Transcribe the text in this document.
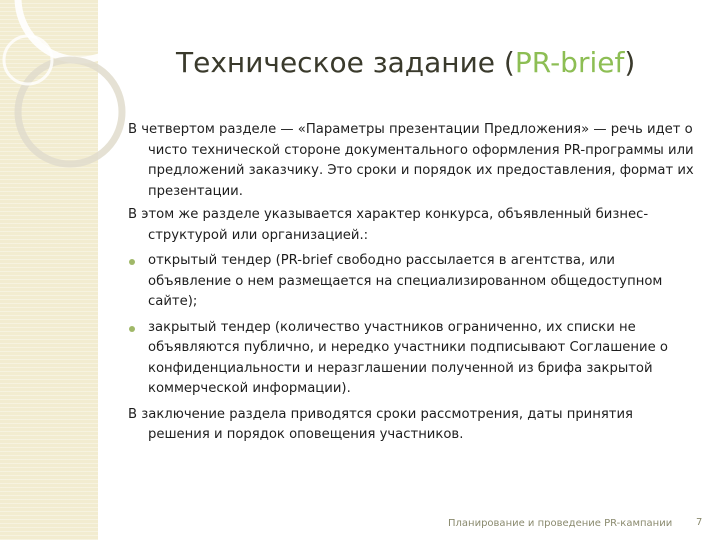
Техническое задание (PR-brief)

В четвертом разделе — «Параметры презентации Предложения» — речь идет о чисто технической стороне документального оформления PR-программы или предложений заказчику. Это сроки и порядок их предоставления, формат их презентации.

В этом же разделе указывается характер конкурса, объявленный бизнес-структурой или организацией.:

открытый тендер (PR-brief свободно рассылается в агентства, или объявление о нем размещается на специализированном общедоступном сайте);
закрытый тендер (количество участников ограниченно, их списки не объявляются публично, и нередко участники подписывают Соглашение о конфиденциальности и неразглашении полученной из брифа закрытой коммерческой информации).

В заключение раздела приводятся сроки рассмотрения, даты принятия решения и порядок оповещения участников.

Планирование и проведение PR-кампании 7
